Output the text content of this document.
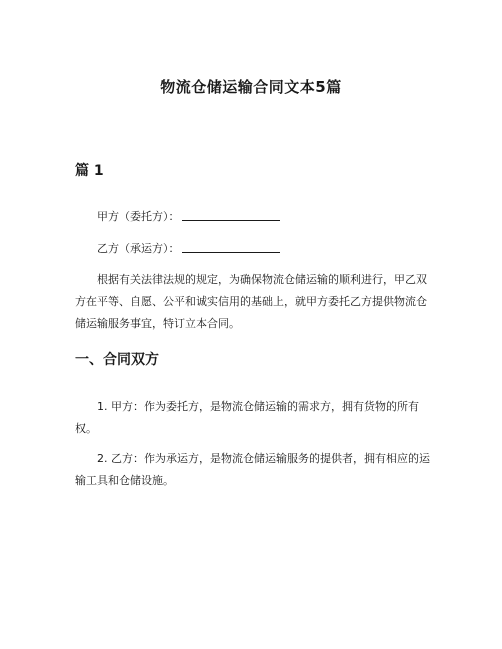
物流仓储运输合同文本5篇
篇 1
甲方（委托方）：
乙方（承运方）：
根据有关法律法规的规定，为确保物流仓储运输的顺利进行，甲乙双方在平等、自愿、公平和诚实信用的基础上，就甲方委托乙方提供物流仓储运输服务事宜，特订立本合同。
一、合同双方
1. 甲方：作为委托方，是物流仓储运输的需求方，拥有货物的所有权。
2. 乙方：作为承运方，是物流仓储运输服务的提供者，拥有相应的运输工具和仓储设施。
